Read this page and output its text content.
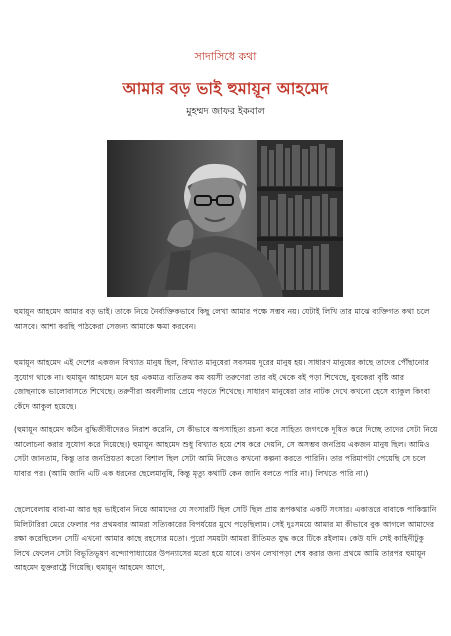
সাদাসিধে কথা
আমার বড় ভাই হুমায়ূন আহমেদ
মুহম্মদ জাফর ইকবাল
হুমায়ূন আহমেদ আমার বড় ভাই। তাকে নিয়ে নৈর্ব্যক্তিকভাবে কিছু লেখা আমার পক্ষে সম্ভব নয়। যেটাই লিখি তার মাঝে ব্যক্তিগত কথা চলে আসবে। আশা করছি পাঠকেরা সেজন্য আমাকে ক্ষমা করবেন।
হুমায়ূন আহমেদ এই দেশের একজন বিখ্যাত মানুষ ছিল, বিখ্যাত মানুষেরা সবসময় দূরের মানুষ হয়। সাধারণ মানুষের কাছে তাদের পৌঁছানোর সুযোগ থাকে না। হুমায়ূন আহমেদ মনে হয় একমাত্র ব্যতিক্রম কম বয়সী তরুণেরা তার বই থেকে বই পড়া শিখেছে, যুবকেরা বৃষ্টি আর জোছনাকে ভালোবাসতে শিখেছে। তরুণীরা অবলীলায় প্রেমে পড়তে শিখেছে। সাধারণ মানুষেরা তার নাটক দেখে কখনো হেসে ব্যাকুল কিংবা কেঁদে আকুল হয়েছে।
(হুমায়ূন আহমেদ কঠিন বুদ্ধিজীবীদেরও নিরাশ করেনি, সে কীভাবে অপসাহিত্য রচনা করে সাহিত্য জগৎকে দূষিত করে দিচ্ছে তাদের সেটা নিয়ে আলোচনা করার সুযোগ করে দিয়েছে।) হুমায়ূন আহমেদ শুধু বিখ্যাত হয়ে শেষ করে দেয়নি, সে অসম্ভব জনপ্রিয় একজন মানুষ ছিল। আমিও সেটা জানতাম, কিন্তু তার জনপ্রিয়তা কতো বিশাল ছিল সেটা আমি নিজেও কখনো কল্পনা করতে পারিনি। তার পরিমাপটা পেয়েছি সে চলে যাবার পর। (আমি জানি এটি এক ধরনের ছেলেমানুষি, কিন্তু মৃত্যু কথাটি কেন জানি বলতে পারি না।) লিখতে পারি না।)
ছেলেবেলায় বাবা-মা আর ছয় ভাইবোন নিয়ে আমাদের যে সংসারটি ছিল সেটি ছিল প্রায় রূপকথার একটি সংসার। একাত্তরে বাবাকে পাকিস্তানি মিলিটারিরা মেরে ফেলার পর প্রথমবার আমরা সত্যিকারের বিপর্যয়ের মুখে পড়েছিলাম। সেই দুঃসময়ে আমার মা কীভাবে বুক আগলে আমাদের রক্ষা করেছিলেন সেটি এখনো আমার কাছে রহস্যের মতো। পুরো সময়টা আমরা রীতিমত যুদ্ধ করে টিকে রইলাম। কেউ যদি সেই কাহিনীটুকু লিখে ফেলেন সেটা বিভূতিভূষণ বন্দ্যোপাধ্যায়ের উপন্যাসের মতো হয়ে যাবে। তখন লেখাপড়া শেষ করার জন্য প্রথমে আমি তারপর হুমায়ূন আহমেদ যুক্তরাষ্ট্রে গিয়েছি। হুমায়ূন আহমেদ আগে,
